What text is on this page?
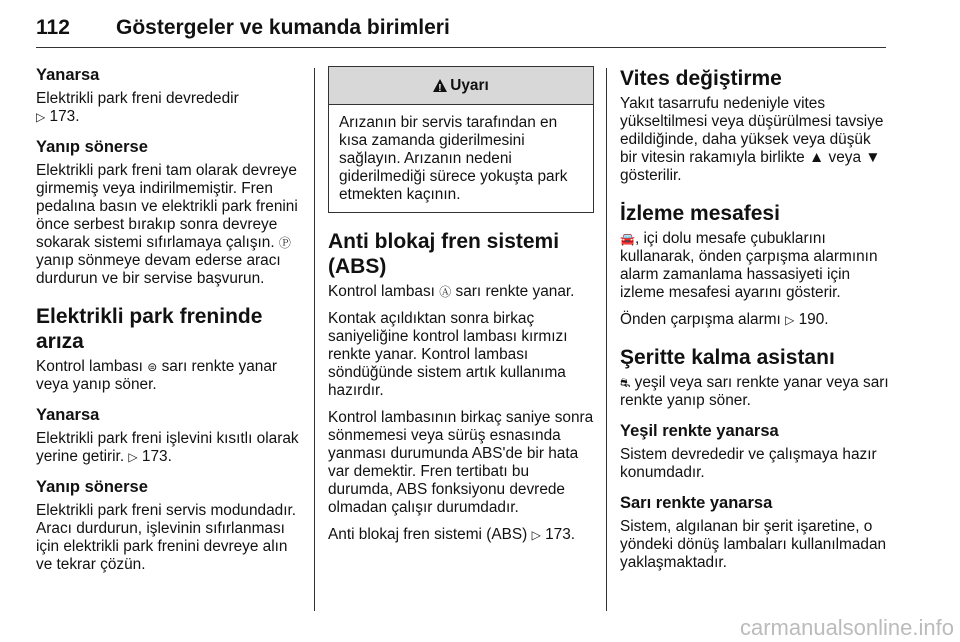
112 Göstergeler ve kumanda birimleri
Yanarsa

Elektrikli park freni devrededir
▷ 173.

Yanıp sönerse

Elektrikli park freni tam olarak devreye girmemiş veya indirilmemiştir. Fren pedalına basın ve elektrikli park frenini önce serbest bırakıp sonra devreye sokarak sistemi sıfırlamaya çalışın. Ⓟ yanıp sönmeye devam ederse aracı durdurun ve bir servise başvurun.

Elektrikli park freninde arıza

Kontrol lambası ⊜ sarı renkte yanar veya yanıp söner.

Yanarsa

Elektrikli park freni işlevini kısıtlı olarak yerine getirir. ▷ 173.

Yanıp sönerse

Elektrikli park freni servis modundadır. Aracı durdurun, işlevinin sıfırlanması için elektrikli park frenini devreye alın ve tekrar çözün.

!
Uyarı
Arızanın bir servis tarafından en kısa zamanda giderilmesini sağlayın. Arızanın nedeni giderilmediği sürece yokuşta park etmekten kaçının.
Anti blokaj fren sistemi (ABS)

Kontrol lambası Ⓐ sarı renkte yanar.

Kontak açıldıktan sonra birkaç saniyeliğine kontrol lambası kırmızı renkte yanar. Kontrol lambası söndüğünde sistem artık kullanıma hazırdır.

Kontrol lambasının birkaç saniye sonra sönmemesi veya sürüş esnasında yanması durumunda ABS'de bir hata var demektir. Fren tertibatı bu durumda, ABS fonksiyonu devrede olmadan çalışır durumdadır.

Anti blokaj fren sistemi (ABS) ▷ 173.

Vites değiştirme

Yakıt tasarrufu nedeniyle vites yükseltilmesi veya düşürülmesi tavsiye edildiğinde, daha yüksek veya düşük bir vitesin rakamıyla birlikte ▲ veya ▼ gösterilir.

İzleme mesafesi

🚘, içi dolu mesafe çubuklarını kullanarak, önden çarpışma alarmının alarm zamanlama hassasiyeti için izleme mesafesi ayarını gösterir.

Önden çarpışma alarmı ▷ 190.

Şeritte kalma asistanı

⛐ yeşil veya sarı renkte yanar veya sarı renkte yanıp söner.

Yeşil renkte yanarsa

Sistem devrededir ve çalışmaya hazır konumdadır.

Sarı renkte yanarsa

Sistem, algılanan bir şerit işaretine, o yöndeki dönüş lambaları kullanılmadan yaklaşmaktadır.

carmanualsonline.info
